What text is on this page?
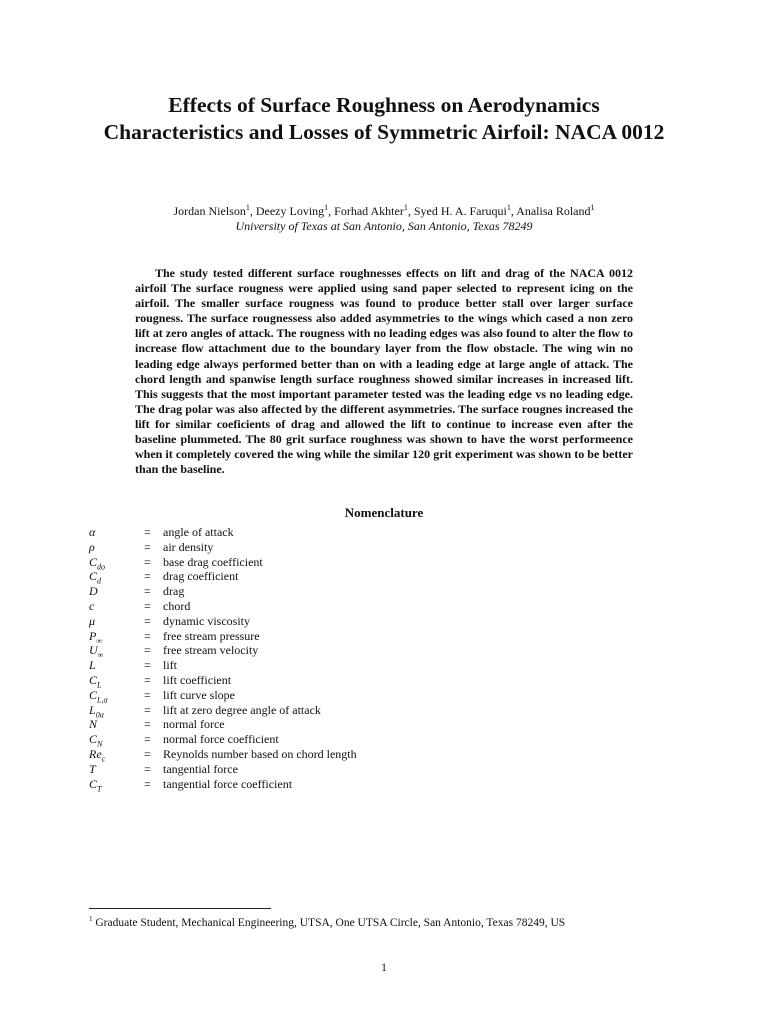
Effects of Surface Roughness on Aerodynamics Characteristics and Losses of Symmetric Airfoil: NACA 0012
Jordan Nielson$^1$, Deezy Loving$^1$, Forhad Akhter$^1$, Syed H. A. Faruqui$^1$, Analisa Roland$^1$
University of Texas at San Antonio, San Antonio, Texas 78249

The study tested different surface roughnesses effects on lift and drag of the NACA 0012 airfoil The surface rougness were applied using sand paper selected to represent icing on the airfoil. The smaller surface rougness was found to produce better stall over larger surface rougness. The surface rougnessess also added asymmetries to the wings which cased a non zero lift at zero angles of attack. The rougness with no leading edges was also found to alter the flow to increase flow attachment due to the boundary layer from the flow obstacle. The wing win no leading edge always performed better than on with a leading edge at large angle of attack. The chord length and spanwise length surface roughness showed similar increases in increased lift. This suggests that the most important parameter tested was the leading edge vs no leading edge. The drag polar was also affected by the different asymmetries. The surface rougnes increased the lift for similar coeficients of drag and allowed the lift to continue to increase even after the baseline plummeted. The 80 grit surface roughness was shown to have the worst performeence when it completely covered the wing while the similar 120 grit experiment was shown to be better than the baseline.

Nomenclature
α	= angle of attack
ρ	= air density
$C_{do}$	= base drag coefficient
$C_d$	= drag coefficient
D	= drag
c	= chord
μ	= dynamic viscosity
$P_\infty$	= free stream pressure
$U_\infty$	= free stream velocity
L	= lift
$C_L$	= lift coefficient
$C_{L,\alpha}$	= lift curve slope
$L_{0\alpha}$	= lift at zero degree angle of attack
N	= normal force
$C_N$	= normal force coefficient
$Re_c$	= Reynolds number based on chord length
T	= tangential force
$C_T$	= tangential force coefficient
$^1$ Graduate Student, Mechanical Engineering, UTSA, One UTSA Circle, San Antonio, Texas 78249, US
1
